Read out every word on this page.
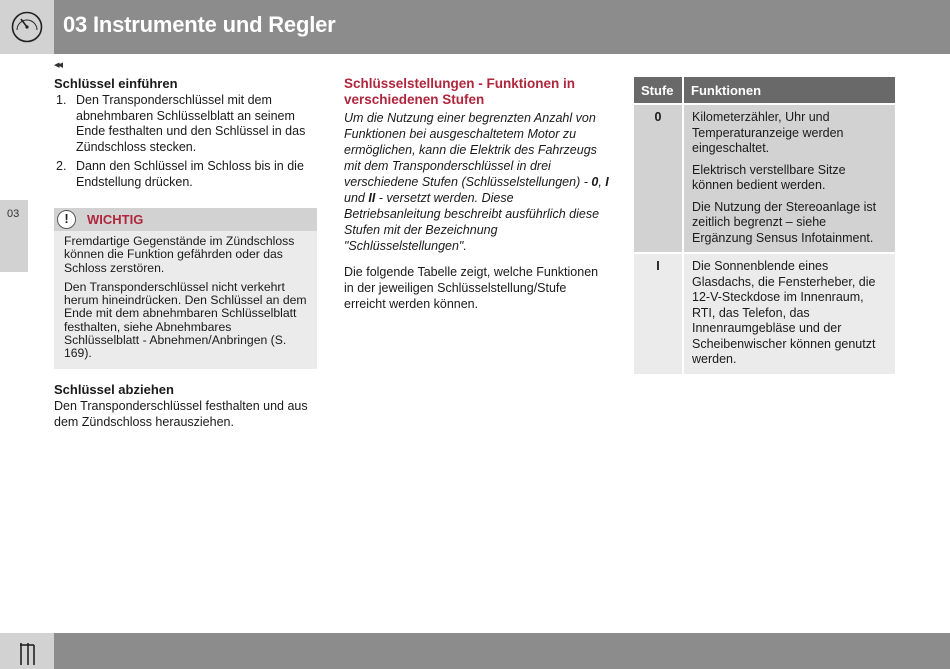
03 Instrumente und Regler
◂◂
03
Schlüssel einführen
1. Den Transponderschlüssel mit dem abnehmbaren Schlüsselblatt an seinem Ende festhalten und den Schlüssel in das Zündschloss stecken.
2. Dann den Schlüssel im Schloss bis in die Endstellung drücken.
!	WICHTIG

Fremdartige Gegenstände im Zündschloss können die Funktion gefährden oder das Schloss zerstören.

Den Transponderschlüssel nicht verkehrt herum hineindrücken. Den Schlüssel an dem Ende mit dem abnehmbaren Schlüsselblatt festhalten, siehe Abnehmbares Schlüsselblatt - Abnehmen/Anbringen (S. 169).

Schlüssel abziehen

Den Transponderschlüssel festhalten und aus dem Zündschloss herausziehen.

Schlüsselstellungen - Funktionen in verschiedenen Stufen

Um die Nutzung einer begrenzten Anzahl von Funktionen bei ausgeschaltetem Motor zu ermöglichen, kann die Elektrik des Fahrzeugs mit dem Transponderschlüssel in drei verschiedene Stufen (Schlüsselstellungen) - 0, I und II - versetzt werden. Diese Betriebsanleitung beschreibt ausführlich diese Stufen mit der Bezeichnung "Schlüsselstellungen".

Die folgende Tabelle zeigt, welche Funktionen in der jeweiligen Schlüsselstellung/Stufe erreicht werden können.

Stufe	Funktionen
0	Kilometerzähler, Uhr und Temperaturanzeige werden eingeschaltet.

Elektrisch verstellbare Sitze können bedient werden.

Die Nutzung der Stereoanlage ist zeitlich begrenzt – siehe Ergänzung Sensus Infotainment.

I	Die Sonnenblende eines Glasdachs, die Fensterheber, die 12-V-Steckdose im Innenraum, RTI, das Telefon, das Innenraumgebläse und der Scheibenwischer können genutzt werden.
